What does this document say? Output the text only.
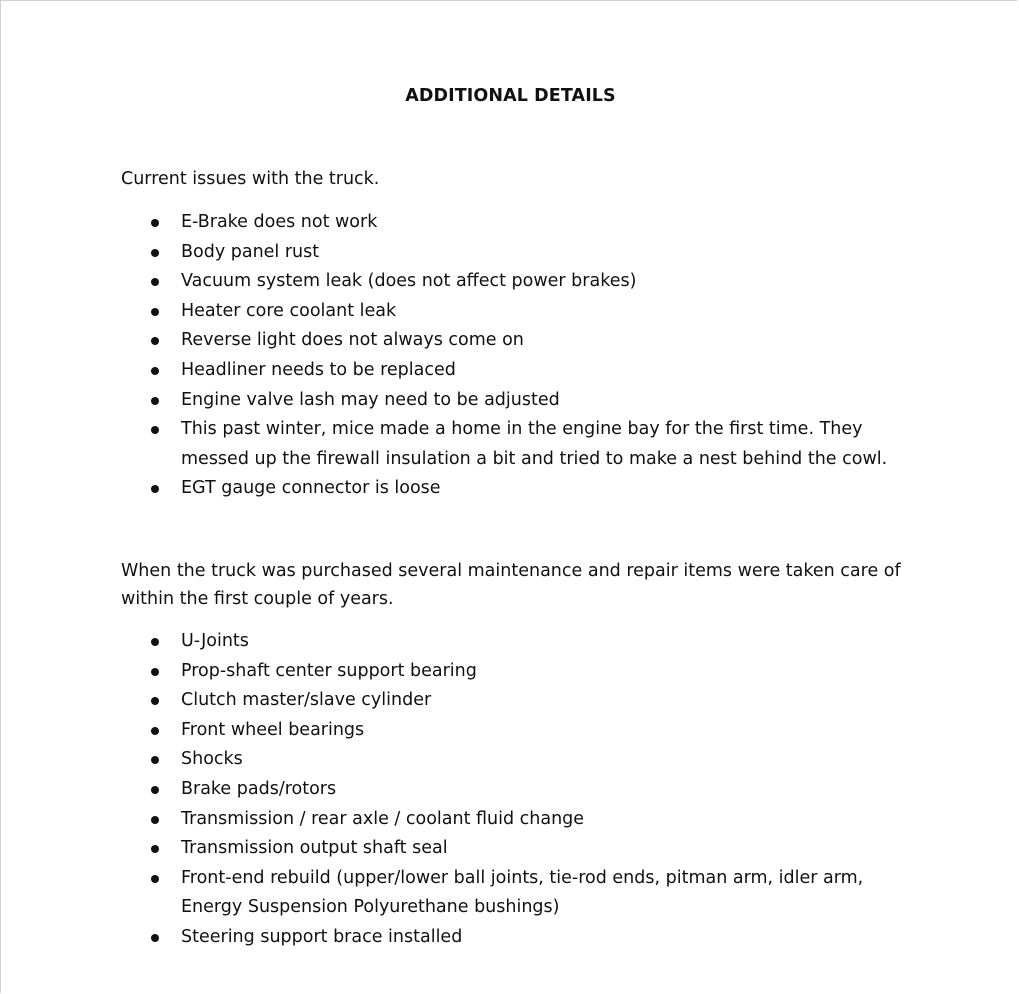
ADDITIONAL DETAILS
Current issues with the truck.
E-Brake does not work
Body panel rust
Vacuum system leak (does not affect power brakes)
Heater core coolant leak
Reverse light does not always come on
Headliner needs to be replaced
Engine valve lash may need to be adjusted
This past winter, mice made a home in the engine bay for the first time. They messed up the firewall insulation a bit and tried to make a nest behind the cowl.
EGT gauge connector is loose
When the truck was purchased several maintenance and repair items were taken care of within the first couple of years.
U-Joints
Prop-shaft center support bearing
Clutch master/slave cylinder
Front wheel bearings
Shocks
Brake pads/rotors
Transmission / rear axle / coolant fluid change
Transmission output shaft seal
Front-end rebuild (upper/lower ball joints, tie-rod ends, pitman arm, idler arm, Energy Suspension Polyurethane bushings)
Steering support brace installed
